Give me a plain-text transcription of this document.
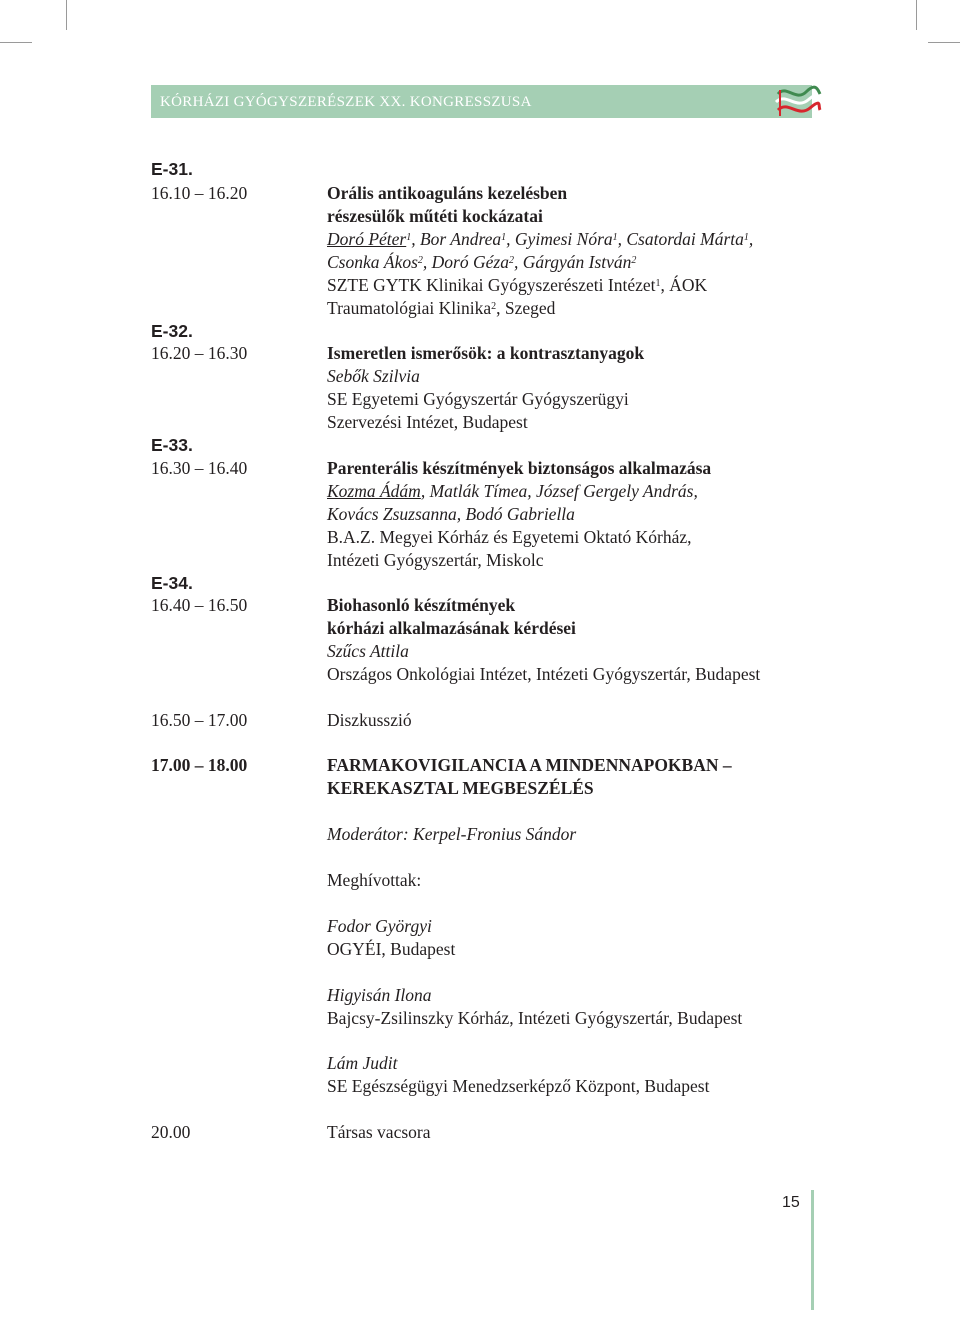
KÓRHÁZI GYÓGYSZERÉSZEK XX. KONGRESSZUSA
E-31.
16.10 – 16.20	Orális antikoaguláns kezelésben
részesülők műtéti kockázatai
Doró Péter$^1$, Bor Andrea$^1$, Gyimesi Nóra$^1$, Csatordai Márta$^1$,
Csonka Ákos$^2$, Doró Géza$^2$, Gárgyán István$^2$
SZTE GYTK Klinikai Gyógyszerészeti Intézet$^1$, ÁOK
Traumatológiai Klinika$^2$, Szeged
E-32.
16.20 – 16.30	Ismeretlen ismerősök: a kontrasztanyagok
Sebők Szilvia
SE Egyetemi Gyógyszertár Gyógyszerügyi
Szervezési Intézet, Budapest
E-33.
16.30 – 16.40	Parenterális készítmények biztonságos alkalmazása
Kozma Ádám, Matlák Tímea, József Gergely András,
Kovács Zsuzsanna, Bodó Gabriella
B.A.Z. Megyei Kórház és Egyetemi Oktató Kórház,
Intézeti Gyógyszertár, Miskolc
E-34.
16.40 – 16.50	Biohasonló készítmények
kórházi alkalmazásának kérdései
Szűcs Attila
Országos Onkológiai Intézet, Intézeti Gyógyszertár, Budapest
16.50 – 17.00	Diszkusszió
17.00 – 18.00	FARMAKOVIGILANCIA A MINDENNAPOKBAN –
KEREKASZTAL MEGBESZÉLÉS
Moderátor: Kerpel-Fronius Sándor
Meghívottak:
Fodor Györgyi
OGYÉI, Budapest
Higyisán Ilona
Bajcsy-Zsilinszky Kórház, Intézeti Gyógyszertár, Budapest
Lám Judit
SE Egészségügyi Menedzserképző Központ, Budapest
20.00	Társas vacsora
15
